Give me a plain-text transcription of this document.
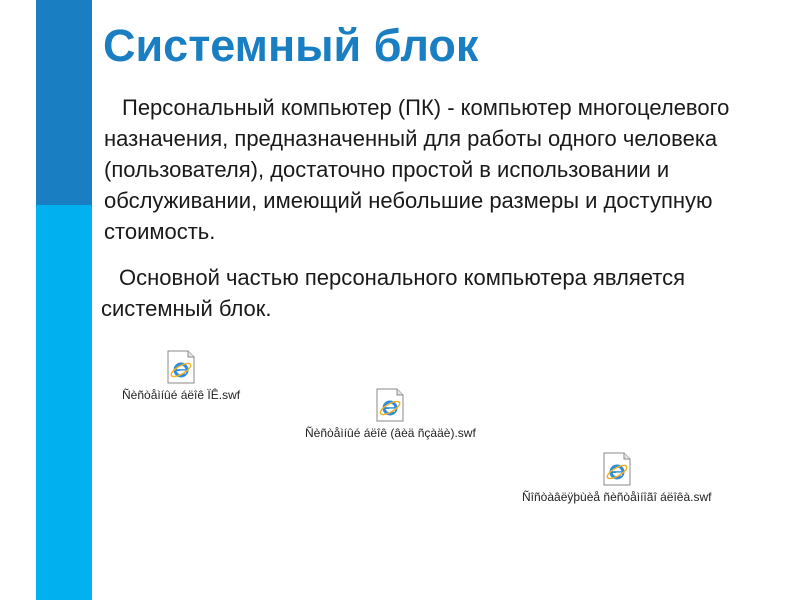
Системный блок
Персональный компьютер (ПК) - компьютер многоцелевого назначения, предназначенный для работы одного человека (пользователя), достаточно простой в использовании и обслуживании, имеющий небольшие размеры и доступную стоимость.
Основной частью персонального компьютера является системный блок.
Ñèñòåìíûé áëîê ÏÊ.swf
Ñèñòåìíûé áëîê (âèä ñçàäè).swf
Ñîñòàâëÿþùèå ñèñòåìíîãî áëîêà.swf
